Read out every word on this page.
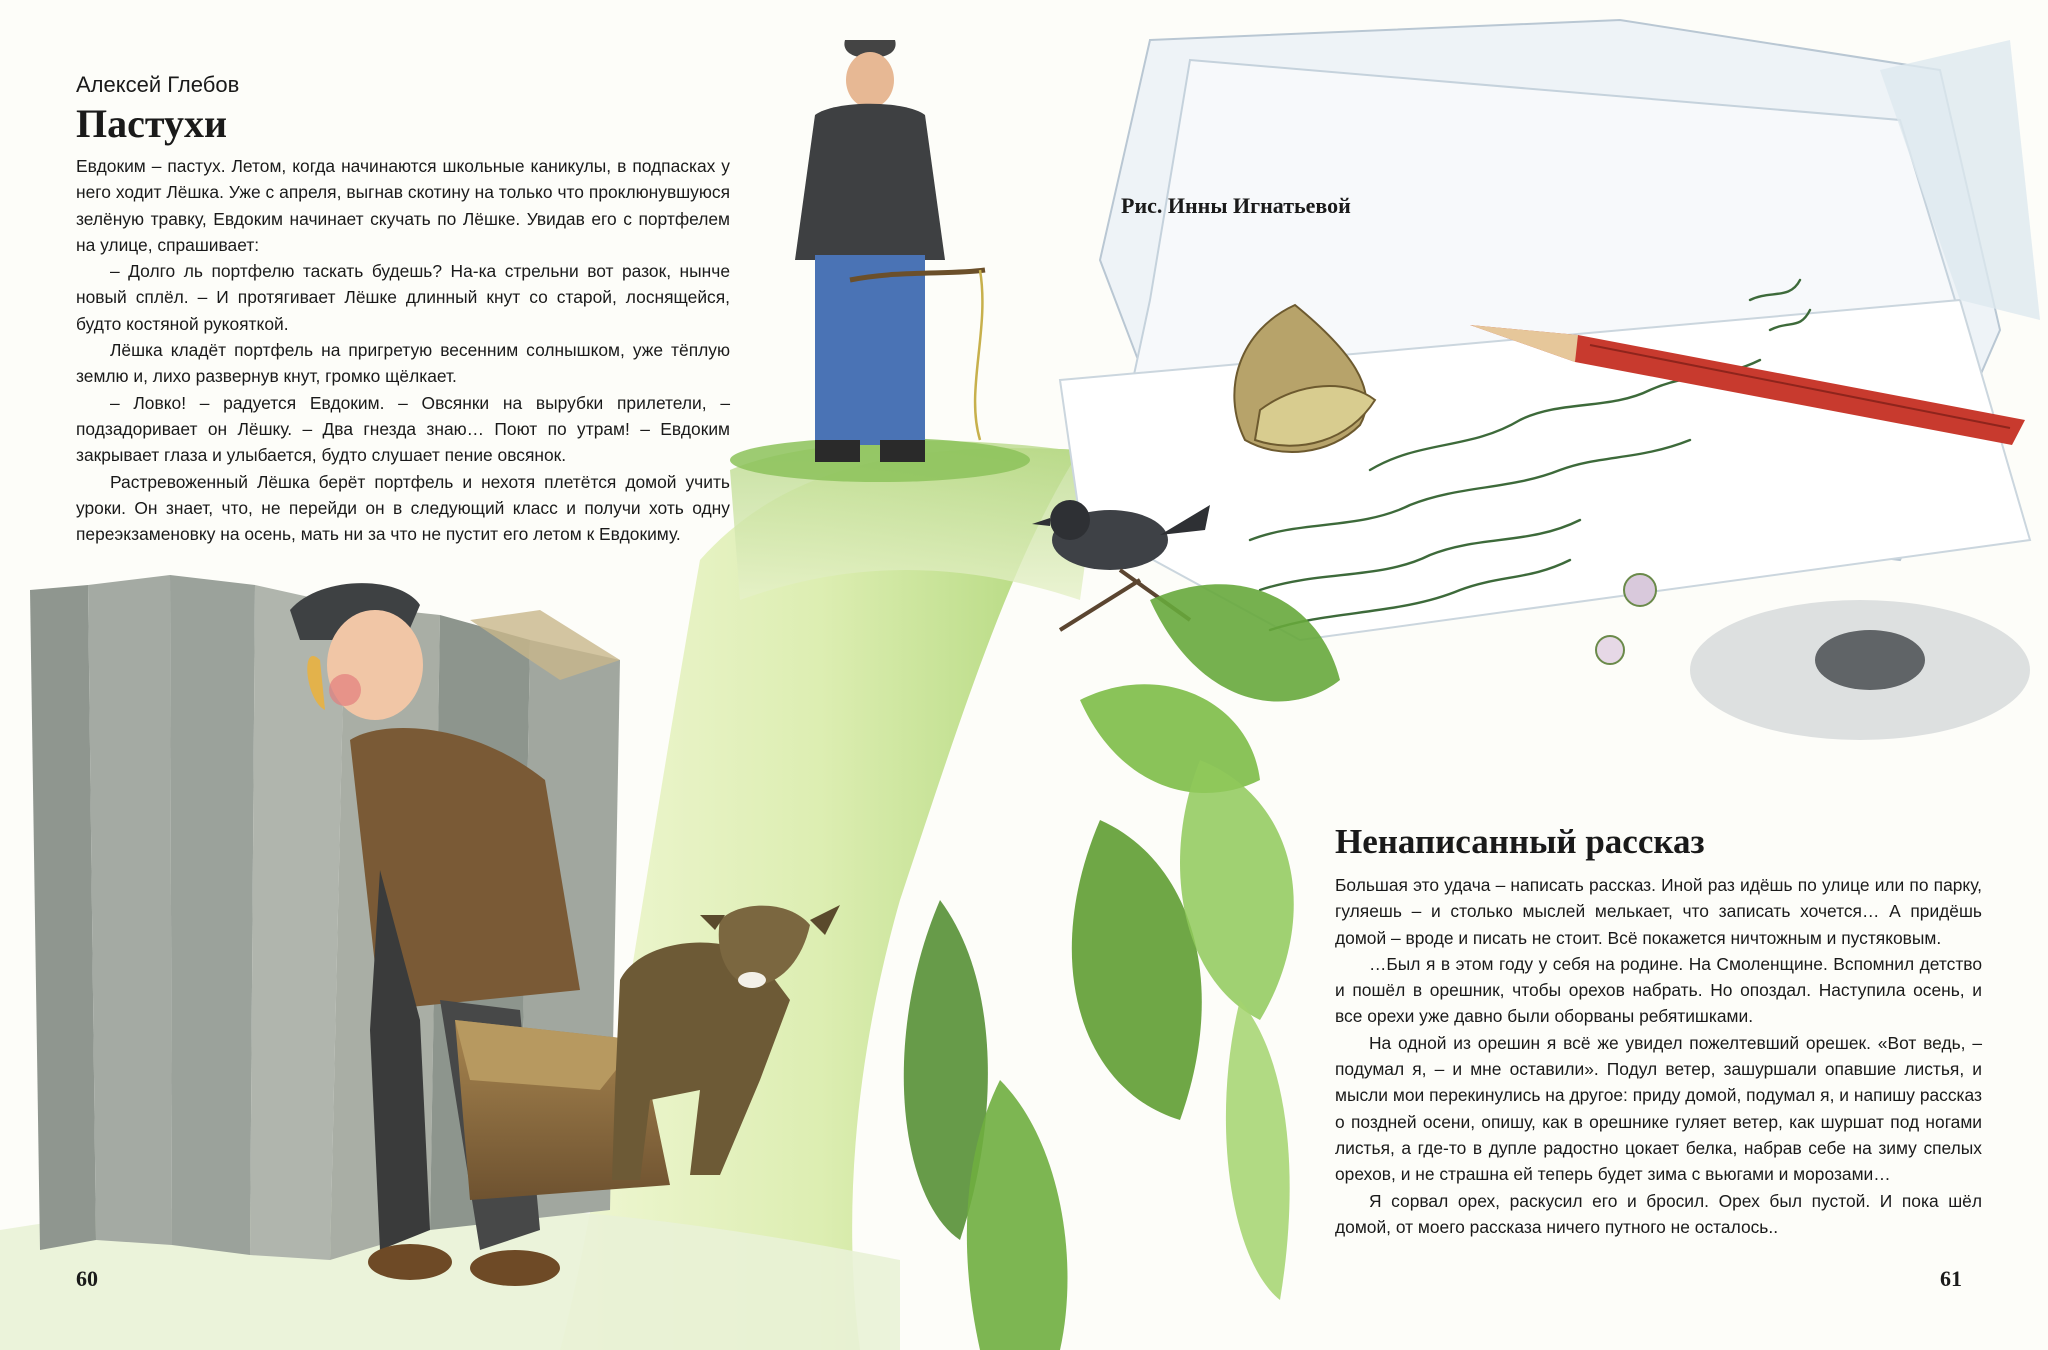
Алексей Глебов
Пастухи

Евдоким – пастух. Летом, когда начинаются школьные каникулы, в подпасках у него ходит Лёшка. Уже с апреля, выгнав скотину на только что проклюнувшуюся зелёную травку, Евдоким начинает скучать по Лёшке. Увидав его с портфелем на улице, спрашивает:

– Долго ль портфелю таскать будешь? На-ка стрельни вот разок, нынче новый сплёл. – И протягивает Лёшке длинный кнут со старой, лоснящейся, будто костяной рукояткой.

Лёшка кладёт портфель на пригретую весенним солнышком, уже тёплую землю и, лихо развернув кнут, громко щёлкает.

– Ловко! – радуется Евдоким. – Овсянки на вырубки прилетели, – подзадоривает он Лёшку. – Два гнезда знаю… Поют по утрам! – Евдоким закрывает глаза и улыбается, будто слушает пение овсянок.

Растревоженный Лёшка берёт портфель и нехотя плетётся домой учить уроки. Он знает, что, не перейди он в следующий класс и получи хоть одну переэкзаменовку на осень, мать ни за что не пустит его летом к Евдокиму.

60
Рис. Инны Игнатьевой
Ненаписанный рассказ

Большая это удача – написать рассказ. Иной раз идёшь по улице или по парку, гуляешь – и столько мыслей мелькает, что записать хочется… А придёшь домой – вроде и писать не стоит. Всё покажется ничтожным и пустяковым.

…Был я в этом году у себя на родине. На Смоленщине. Вспомнил детство и пошёл в орешник, чтобы орехов набрать. Но опоздал. Наступила осень, и все орехи уже давно были оборваны ребятишками.

На одной из орешин я всё же увидел пожелтевший орешек. «Вот ведь, – подумал я, – и мне оставили». Подул ветер, зашуршали опавшие листья, и мысли мои перекинулись на другое: приду домой, подумал я, и напишу рассказ о поздней осени, опишу, как в орешнике гуляет ветер, как шуршат под ногами листья, а где-то в дупле радостно цокает белка, набрав себе на зиму спелых орехов, и не страшна ей теперь будет зима с вьюгами и морозами…

Я сорвал орех, раскусил его и бросил. Орех был пустой. И пока шёл домой, от моего рассказа ничего путного не осталось..

61
